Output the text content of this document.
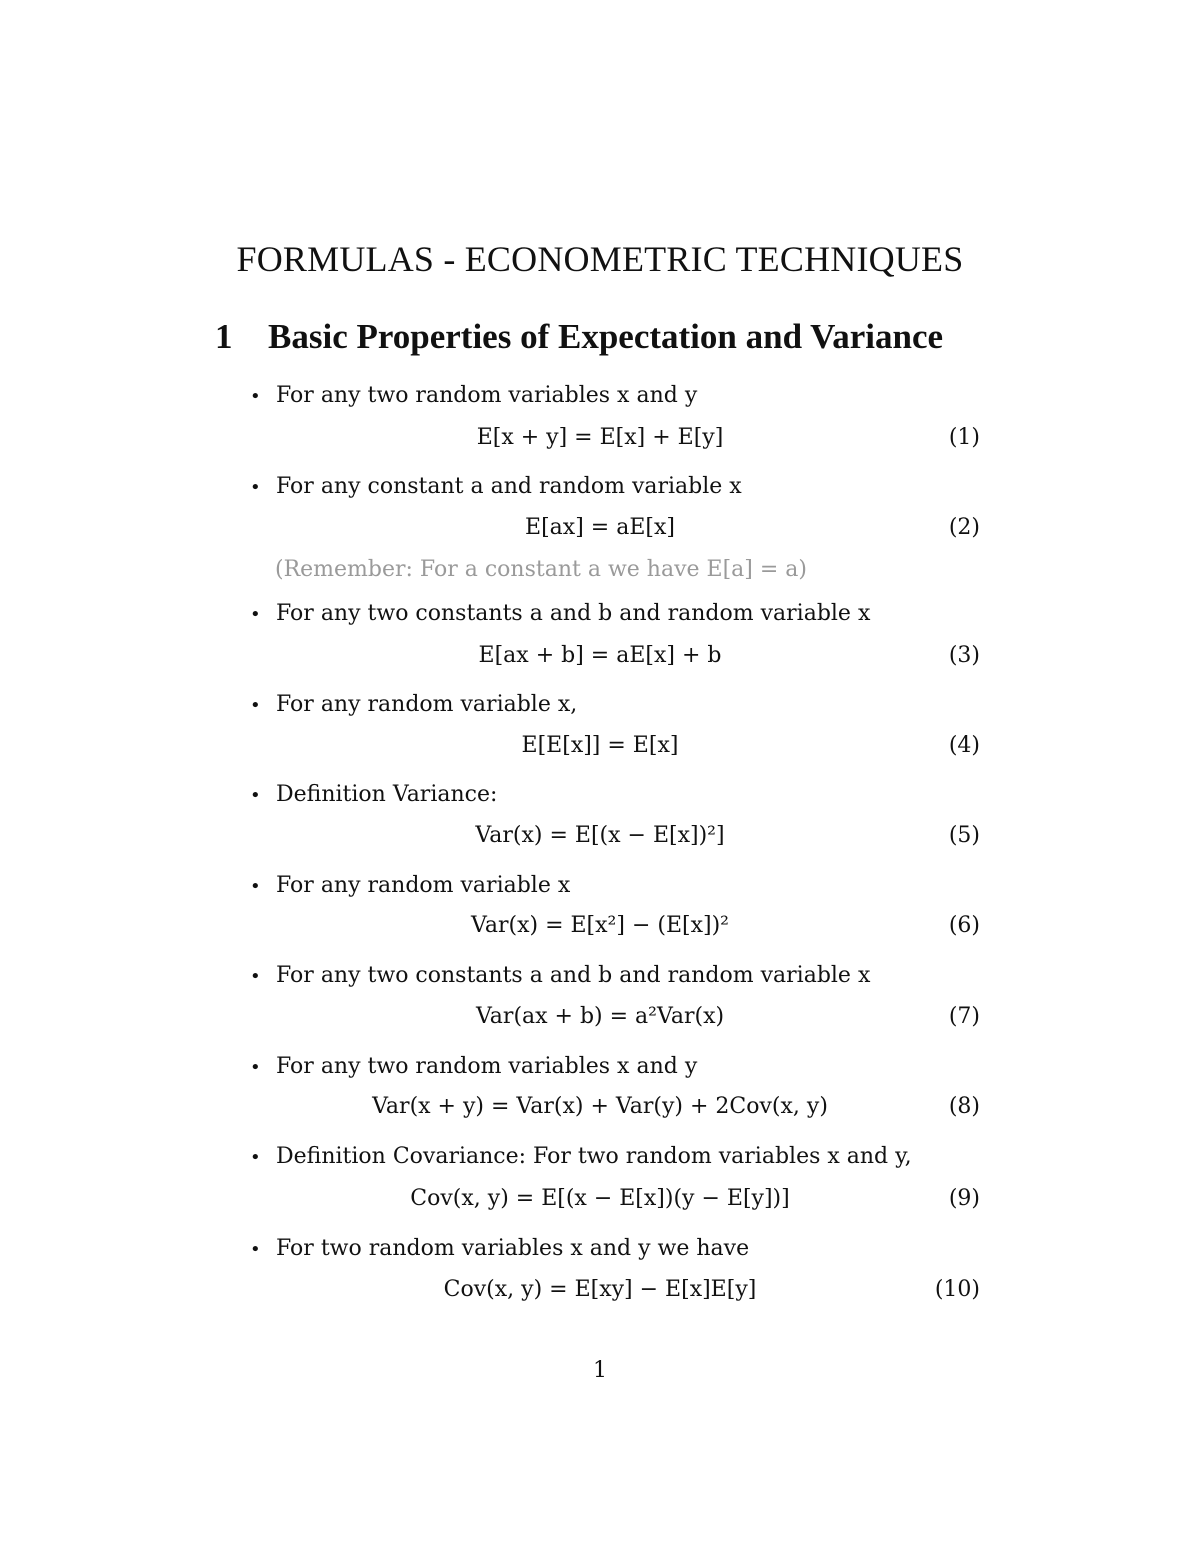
FORMULAS - ECONOMETRIC TECHNIQUES
1 Basic Properties of Expectation and Variance
• For any two random variables x and y
E[x + y] = E[x] + E[y]	(1)
• For any constant a and random variable x
E[ax] = aE[x]	(2)
(Remember: For a constant a we have E[a] = a)
• For any two constants a and b and random variable x
E[ax + b] = aE[x] + b	(3)
• For any random variable x,
E[E[x]] = E[x]	(4)
• Definition Variance:
Var(x) = E[(x − E[x])²]	(5)
• For any random variable x
Var(x) = E[x²] − (E[x])²	(6)
• For any two constants a and b and random variable x
Var(ax + b) = a²Var(x)	(7)
• For any two random variables x and y
Var(x + y) = Var(x) + Var(y) + 2Cov(x, y)	(8)
• Definition Covariance: For two random variables x and y,
Cov(x, y) = E[(x − E[x])(y − E[y])]	(9)
• For two random variables x and y we have
Cov(x, y) = E[xy] − E[x]E[y]	(10)
1
